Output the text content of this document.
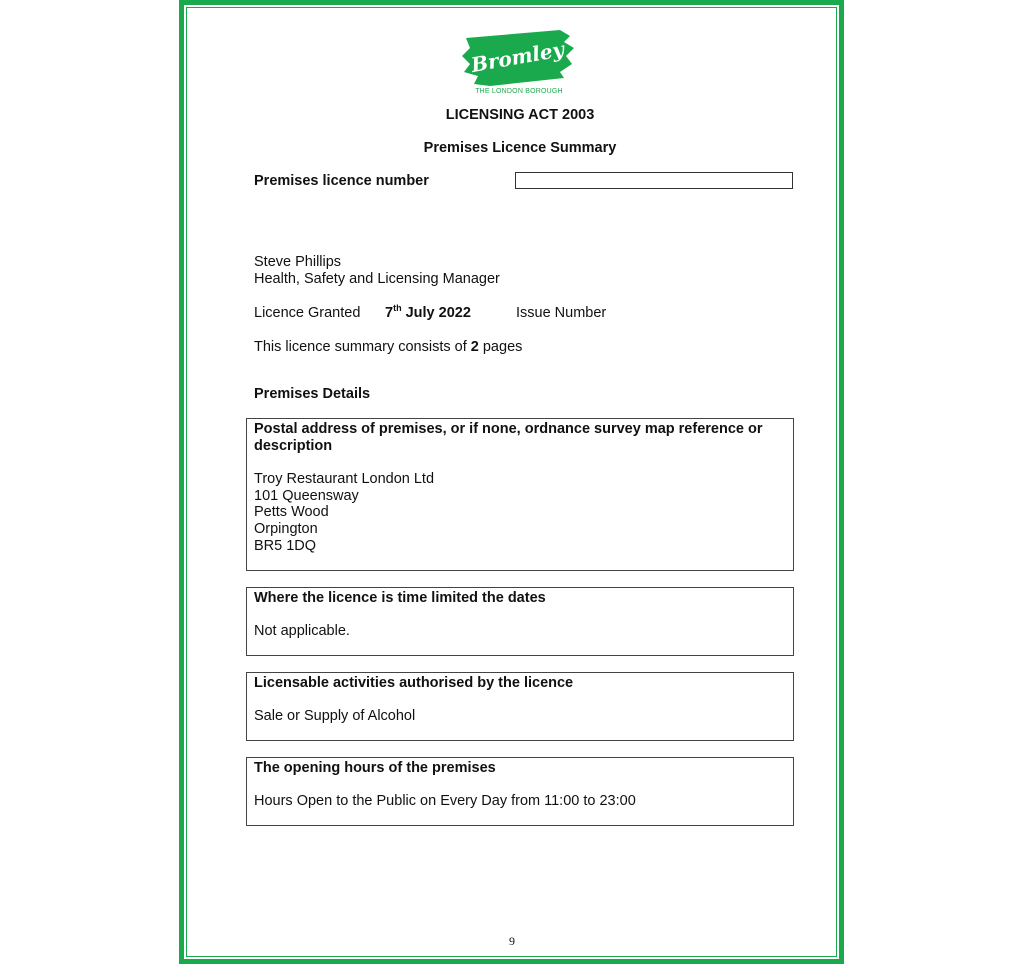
Bromley
THE LONDON BOROUGH
LICENSING ACT 2003
Premises Licence Summary
Premises licence number
Steve Phillips
Health, Safety and Licensing Manager
Licence Granted 7th July 2022	Issue Number
This licence summary consists of 2 pages
Premises Details
Postal address of premises, or if none, ordnance survey map reference or
description
Troy Restaurant London Ltd
101 Queensway
Petts Wood
Orpington
BR5 1DQ
Where the licence is time limited the dates
Not applicable.
Licensable activities authorised by the licence
Sale or Supply of Alcohol
The opening hours of the premises
Hours Open to the Public on Every Day from 11:00 to 23:00
9
